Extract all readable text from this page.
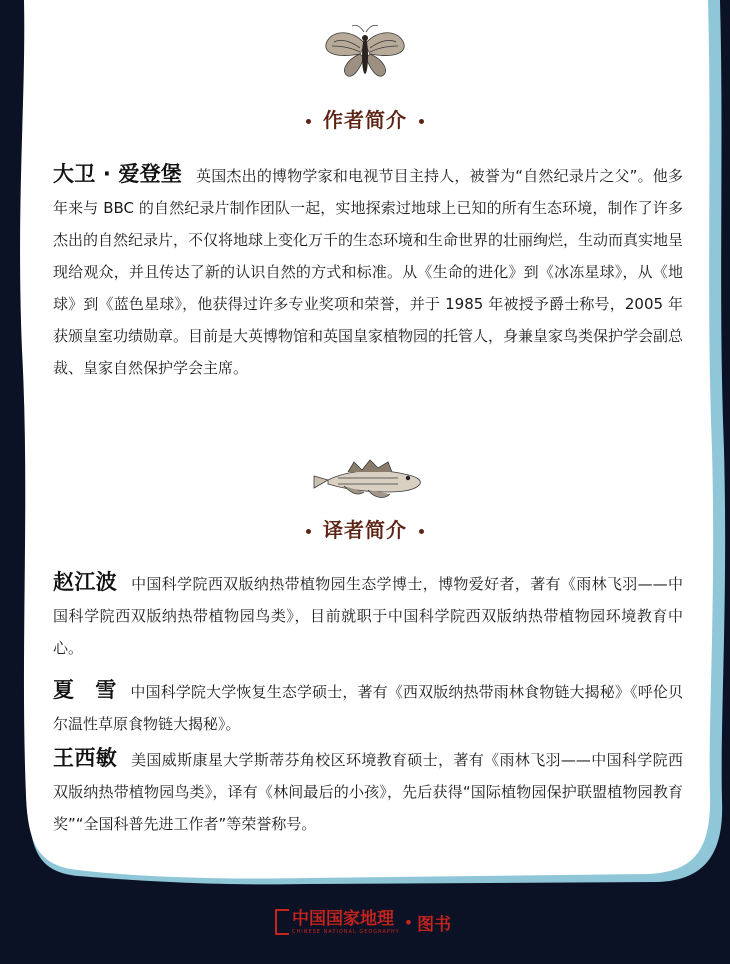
作者简介
大卫 · 爱登堡 英国杰出的博物学家和电视节目主持人，被誉为“自然纪录片之父”。他多年来与 BBC 的自然纪录片制作团队一起，实地探索过地球上已知的所有生态环境，制作了许多杰出的自然纪录片，不仅将地球上变化万千的生态环境和生命世界的壮丽绚烂，生动而真实地呈现给观众，并且传达了新的认识自然的方式和标准。从《生命的进化》到《冰冻星球》，从《地球》到《蓝色星球》，他获得过许多专业奖项和荣誉，并于 1985 年被授予爵士称号，2005 年获颁皇室功绩勋章。目前是大英博物馆和英国皇家植物园的托管人，身兼皇家鸟类保护学会副总裁、皇家自然保护学会主席。
译者简介
赵江波 中国科学院西双版纳热带植物园生态学博士，博物爱好者，著有《雨林飞羽——中国科学院西双版纳热带植物园鸟类》，目前就职于中国科学院西双版纳热带植物园环境教育中心。
夏　雪 中国科学院大学恢复生态学硕士，著有《西双版纳热带雨林食物链大揭秘》《呼伦贝尔温性草原食物链大揭秘》。
王西敏 美国威斯康星大学斯蒂芬角校区环境教育硕士，著有《雨林飞羽——中国科学院西双版纳热带植物园鸟类》，译有《林间最后的小孩》，先后获得“国际植物园保护联盟植物园教育奖”“全国科普先进工作者”等荣誉称号。
中国国家地理
CHINESE NATIONAL GEOGRAPHY • 图书
